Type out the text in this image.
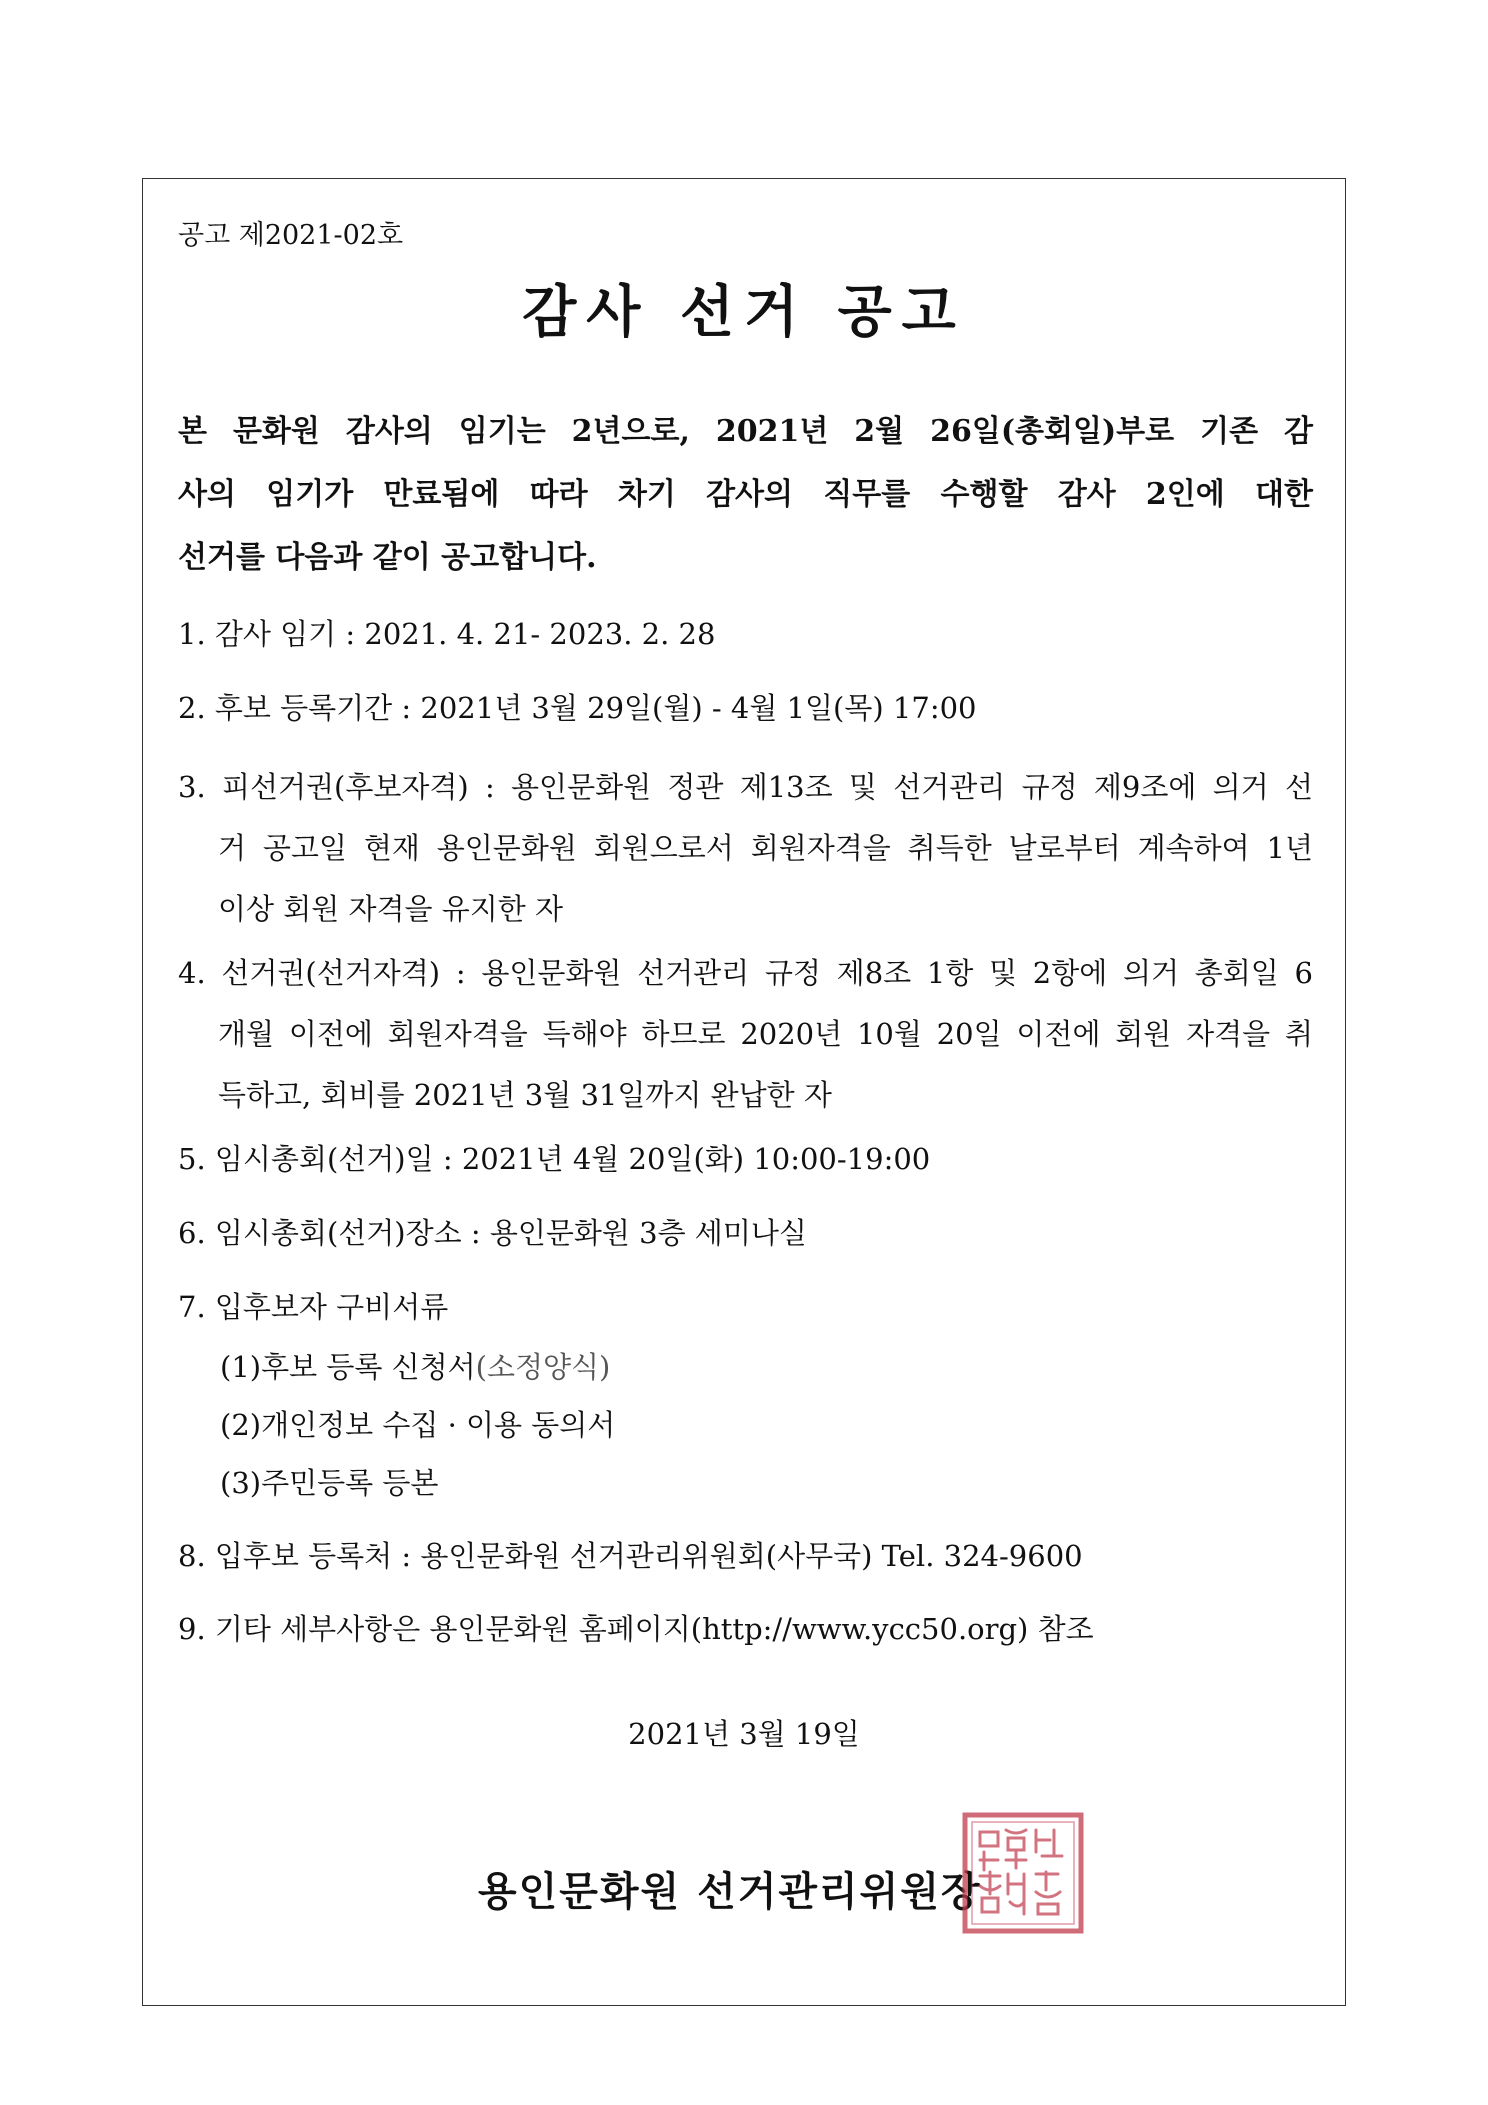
공고 제2021-02호
감사 선거 공고
본 문화원 감사의 임기는 2년으로, 2021년 2월 26일(총회일)부로 기존 감
사의 임기가 만료됨에 따라 차기 감사의 직무를 수행할 감사 2인에 대한
선거를 다음과 같이 공고합니다.
1. 감사 임기 : 2021. 4. 21- 2023. 2. 28
2. 후보 등록기간 : 2021년 3월 29일(월) - 4월 1일(목) 17:00
3. 피선거권(후보자격) : 용인문화원 정관 제13조 및 선거관리 규정 제9조에 의거 선
거 공고일 현재 용인문화원 회원으로서 회원자격을 취득한 날로부터 계속하여 1년
이상 회원 자격을 유지한 자
4. 선거권(선거자격) : 용인문화원 선거관리 규정 제8조 1항 및 2항에 의거 총회일 6
개월 이전에 회원자격을 득해야 하므로 2020년 10월 20일 이전에 회원 자격을 취
득하고, 회비를 2021년 3월 31일까지 완납한 자
5. 임시총회(선거)일 : 2021년 4월 20일(화) 10:00-19:00
6. 임시총회(선거)장소 : 용인문화원 3층 세미나실
7. 입후보자 구비서류
(1)후보 등록 신청서(소정양식)
(2)개인정보 수집 · 이용 동의서
(3)주민등록 등본
8. 입후보 등록처 : 용인문화원 선거관리위원회(사무국) Tel. 324-9600
9. 기타 세부사항은 용인문화원 홈페이지(http://www.ycc50.org) 참조
2021년 3월 19일
용인문화원 선거관리위원장
